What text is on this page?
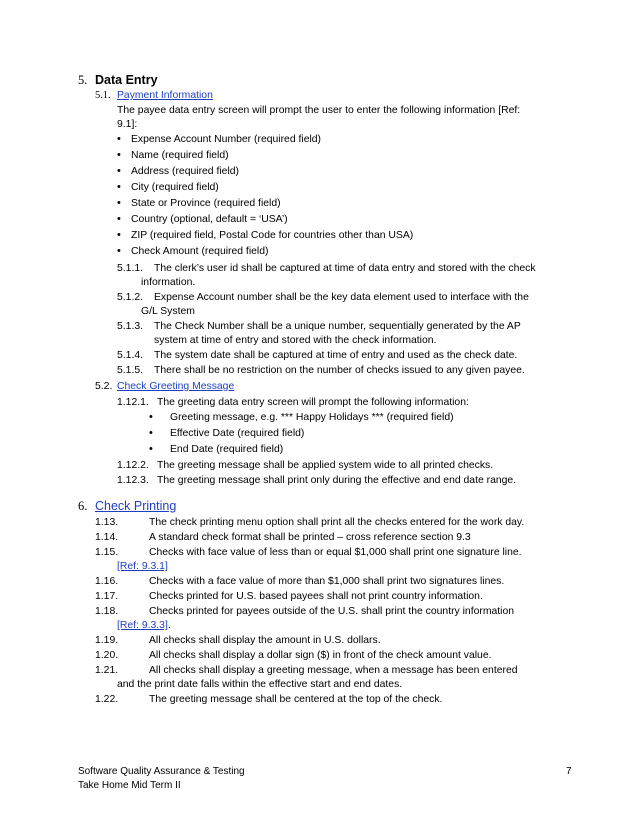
5. Data Entry
5.1. Payment Information
The payee data entry screen will prompt the user to enter the following information [Ref:
9.1]:
• Expense Account Number (required field)
• Name (required field)
• Address (required field)
• City (required field)
• State or Province (required field)
• Country (optional, default = ‘USA’)
• ZIP (required field, Postal Code for countries other than USA)
• Check Amount (required field)
5.1.1. The clerk’s user id shall be captured at time of data entry and stored with the check
information.
5.1.2. Expense Account number shall be the key data element used to interface with the
G/L System
5.1.3. The Check Number shall be a unique number, sequentially generated by the AP
system at time of entry and stored with the check information.
5.1.4. The system date shall be captured at time of entry and used as the check date.
5.1.5. There shall be no restriction on the number of checks issued to any given payee.
5.2. Check Greeting Message
1.12.1. The greeting data entry screen will prompt the following information:
• Greeting message, e.g. *** Happy Holidays *** (required field)
• Effective Date (required field)
• End Date (required field)
1.12.2. The greeting message shall be applied system wide to all printed checks.
1.12.3. The greeting message shall print only during the effective and end date range.
6. Check Printing
1.13.	The check printing menu option shall print all the checks entered for the work day.
1.14.	A standard check format shall be printed – cross reference section 9.3
1.15.	Checks with face value of less than or equal $1,000 shall print one signature line.
[Ref: 9.3.1]
1.16.	Checks with a face value of more than $1,000 shall print two signatures lines.
1.17.	Checks printed for U.S. based payees shall not print country information.
1.18.	Checks printed for payees outside of the U.S. shall print the country information
[Ref: 9.3.3].
1.19.	All checks shall display the amount in U.S. dollars.
1.20.	All checks shall display a dollar sign ($) in front of the check amount value.
1.21.	All checks shall display a greeting message, when a message has been entered
and the print date falls within the effective start and end dates.
1.22.	The greeting message shall be centered at the top of the check.
Software Quality Assurance & Testing
Take Home Mid Term II
7
